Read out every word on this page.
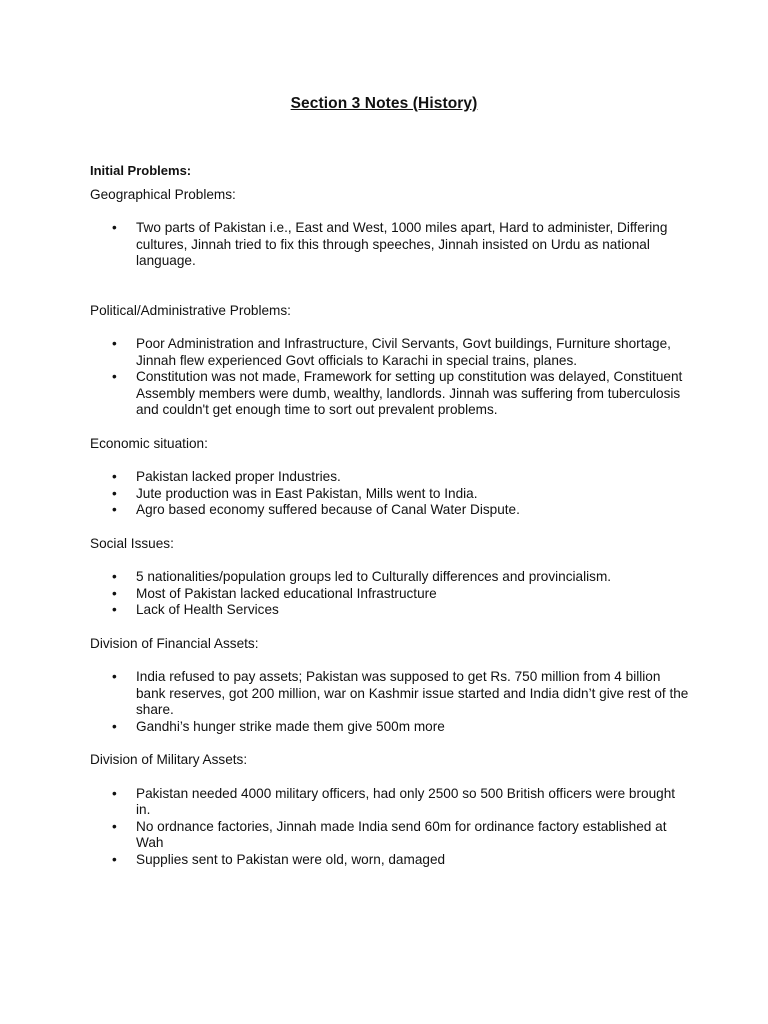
Section 3 Notes (History)
Initial Problems:
Geographical Problems:
• Two parts of Pakistan i.e., East and West, 1000 miles apart, Hard to administer, Differing cultures, Jinnah tried to fix this through speeches, Jinnah insisted on Urdu as national language.
Political/Administrative Problems:
• Poor Administration and Infrastructure, Civil Servants, Govt buildings, Furniture shortage, Jinnah flew experienced Govt officials to Karachi in special trains, planes.
• Constitution was not made, Framework for setting up constitution was delayed, Constituent Assembly members were dumb, wealthy, landlords. Jinnah was suffering from tuberculosis and couldn't get enough time to sort out prevalent problems.
Economic situation:
• Pakistan lacked proper Industries.
• Jute production was in East Pakistan, Mills went to India.
• Agro based economy suffered because of Canal Water Dispute.
Social Issues:
• 5 nationalities/population groups led to Culturally differences and provincialism.
• Most of Pakistan lacked educational Infrastructure
• Lack of Health Services
Division of Financial Assets:
• India refused to pay assets; Pakistan was supposed to get Rs. 750 million from 4 billion bank reserves, got 200 million, war on Kashmir issue started and India didn’t give rest of the share.
• Gandhi’s hunger strike made them give 500m more
Division of Military Assets:
• Pakistan needed 4000 military officers, had only 2500 so 500 British officers were brought in.
• No ordnance factories, Jinnah made India send 60m for ordinance factory established at Wah
• Supplies sent to Pakistan were old, worn, damaged
